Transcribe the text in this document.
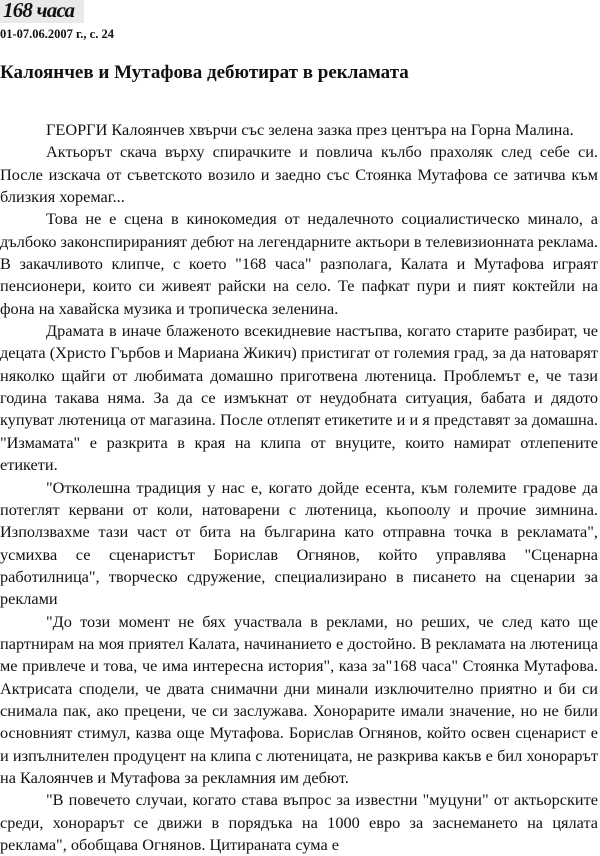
168 часа
01-07.06.2007 г., с. 24
Калоянчев и Мутафова дебютират в рекламата

ГЕОРГИ Калоянчев хвърчи със зелена зазка през центъра на Горна Малина.

Актьорът скача върху спирачките и повлича кълбо прахоляк след себе си. После изскача от съветското возило и заедно със Стоянка Мутафова се затичва към близкия хоремаг...

Това не е сцена в кинокомедия от недалечното социалистическо минало, а дълбоко законспирираният дебют на легендарните актьори в телевизионната реклама. В закачливото клипче, с което "168 часа" разполага, Калата и Мутафова играят пенсионери, които си живеят райски на село. Те пафкат пури и пият коктейли на фона на хавайска музика и тропическа зеленина.

Драмата в иначе блаженото всекидневие настъпва, когато старите разбират, че децата (Христо Гърбов и Мариана Жикич) пристигат от големия град, за да натоварят няколко щайги от любимата домашно приготвена лютеница. Проблемът е, че тази година такава няма. За да се измъкнат от неудобната ситуация, бабата и дядото купуват лютеница от магазина. После отлепят етикетите и и я представят за домашна. "Измамата" е разкрита в края на клипа от внуците, които намират отлепените етикети.

"Отколешна традиция у нас е, когато дойде есента, към големите градове да потеглят кервани от коли, натоварени с лютеница, кьопоолу и прочие зимнина. Използвахме тази част от бита на българина като отправна точка в рекламата", усмихва се сценаристът Борислав Огнянов, който управлява "Сценарна работилница", творческо сдружение, специализирано в писането на сценарии за реклами

"До този момент не бях участвала в реклами, но реших, че след като ще партнирам на моя приятел Калата, начинанието е достойно. В рекламата на лютеница ме привлече и това, че има интересна история", каза за"168 часа" Стоянка Мутафова. Актрисата сподели, че двата снимачни дни минали изключително приятно и би си снимала пак, ако прецени, че си заслужава. Хонорарите имали значение, но не били основният стимул, казва още Мутафова. Борислав Огнянов, който освен сценарист е и изпълнителен продуцент на клипа с лютеницата, не разкрива какъв е бил хонорарът на Калоянчев и Мутафова за рекламния им дебют.

"В повечето случаи, когато става въпрос за известни "муцуни" от актьорските среди, хонорарът се движи в порядъка на 1000 евро за заснемането на цялата реклама", обобщава Огнянов. Цитираната сума е
